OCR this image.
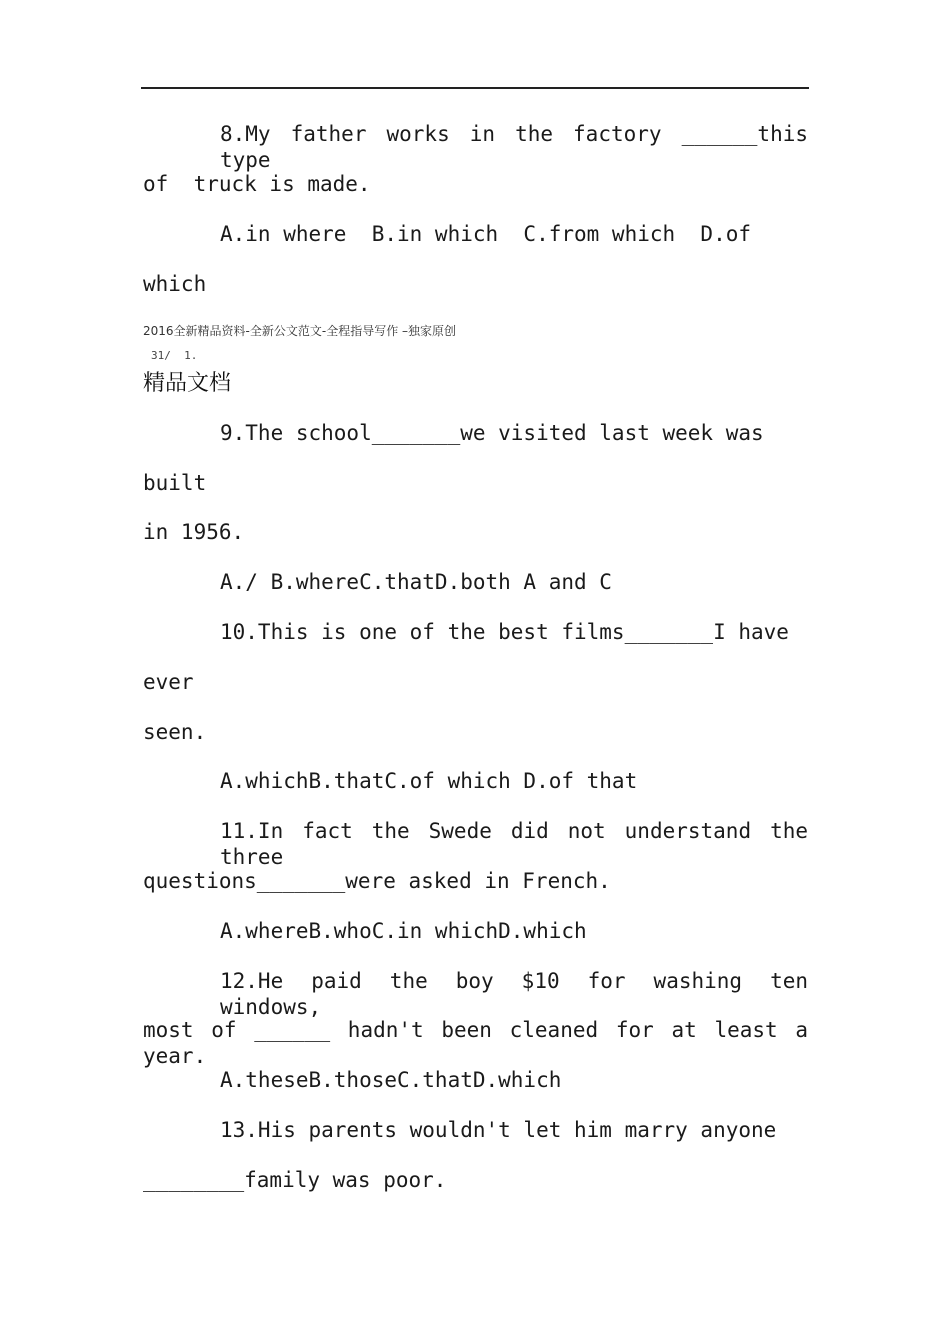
8.My father works in the factory ______this type
of  truck is made.
A.in where  B.in which  C.from which  D.of
which
2016全新精品资料-全新公文范文-全程指导写作 –独家原创
31/  1.
精品文档
9.The school_______we visited last week was
built
in 1956.
A./ B.whereC.thatD.both A and C
10.This is one of the best films_______I have
ever
seen.
A.whichB.thatC.of which D.of that
11.In fact the Swede did not understand the three
questions_______were asked in French.
A.whereB.whoC.in whichD.which
12.He paid the boy $10 for washing ten windows,
most of ______ hadn't been cleaned for at least a year.
A.theseB.thoseC.thatD.which
13.His parents wouldn't let him marry anyone
________family was poor.
